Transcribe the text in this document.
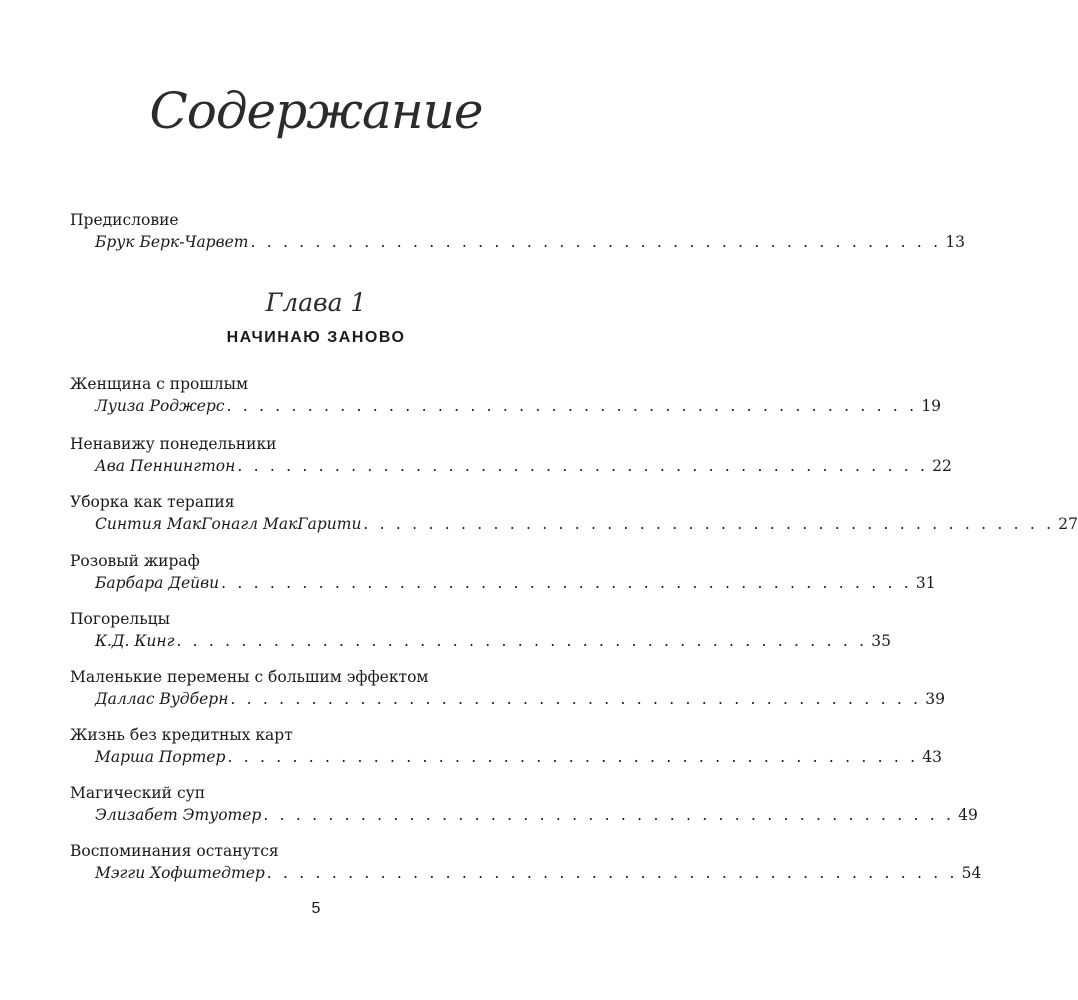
Содержание
Предисловие
Брук Берк-Чарвет . . . . . . . . . . . . . . . . . . . . . . . . . . . . . . . . . . . . . . . . . . . 13
Глава 1
НАЧИНАЮ ЗАНОВО
Женщина с прошлым
Луиза Роджерс . . . . . . . . . . . . . . . . . . . . . . . . . . . . . . . . . . . . . . . . . . . 19
Ненавижу понедельники
Ава Пеннингтон . . . . . . . . . . . . . . . . . . . . . . . . . . . . . . . . . . . . . . . . . . . 22
Уборка как терапия
Синтия МакГонагл МакГарити . . . . . . . . . . . . . . . . . . . . . . . . . . . . . . . . . . . . . . . . . . . 27
Розовый жираф
Барбара Дейви . . . . . . . . . . . . . . . . . . . . . . . . . . . . . . . . . . . . . . . . . . . 31
Погорельцы
К.Д. Кинг . . . . . . . . . . . . . . . . . . . . . . . . . . . . . . . . . . . . . . . . . . . 35
Маленькие перемены с большим эффектом
Даллас Вудберн . . . . . . . . . . . . . . . . . . . . . . . . . . . . . . . . . . . . . . . . . . . 39
Жизнь без кредитных карт
Марша Портер . . . . . . . . . . . . . . . . . . . . . . . . . . . . . . . . . . . . . . . . . . . 43
Магический суп
Элизабет Этуотер . . . . . . . . . . . . . . . . . . . . . . . . . . . . . . . . . . . . . . . . . . . 49
Воспоминания останутся
Мэгги Хофштедтер . . . . . . . . . . . . . . . . . . . . . . . . . . . . . . . . . . . . . . . . . . . 54
5
